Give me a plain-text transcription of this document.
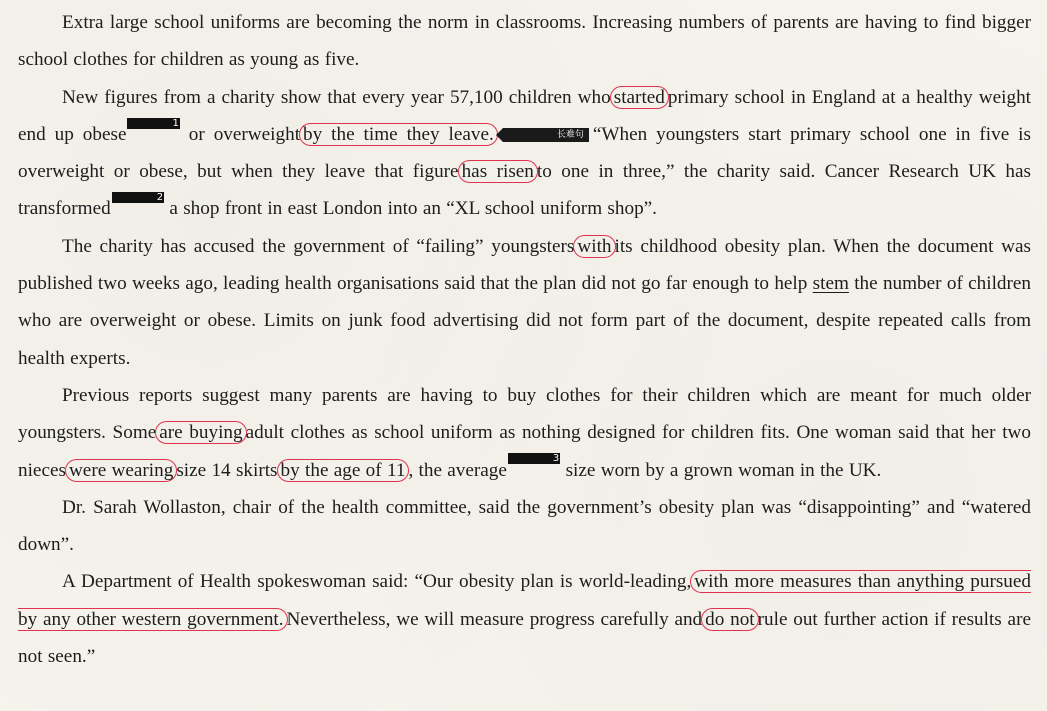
Extra large school uniforms are becoming the norm in classrooms. Increasing numbers of parents are having to find bigger school clothes for children as young as five.

New figures from a charity show that every year 57,100 children who started primary school in England at a healthy weight end up obese$^1$ or overweight by the time they leave.	长难句 “When youngsters start primary school one in five is overweight or obese, but when they leave that figure has risen to one in three,” the charity said. Cancer Research UK has transformed$^2$ a shop front in east London into an “XL school uniform shop”.

The charity has accused the government of “failing” youngsters with its childhood obesity plan. When the document was published two weeks ago, leading health organisations said that the plan did not go far enough to help stem the number of children who are overweight or obese. Limits on junk food advertising did not form part of the document, despite repeated calls from health experts.

Previous reports suggest many parents are having to buy clothes for their children which are meant for much older youngsters. Some are buying adult clothes as school uniform as nothing designed for children fits. One woman said that her two nieces were wearing size 14 skirts by the age of 11 , the average$^3$ size worn by a grown woman in the UK.

Dr. Sarah Wollaston, chair of the health committee, said the government’s obesity plan was “disappointing” and “watered down”.

A Department of Health spokeswoman said: “Our obesity plan is world-leading, with more measures than anything pursued by any other western government. Nevertheless, we will measure progress carefully and do not rule out further action if results are not seen.”
